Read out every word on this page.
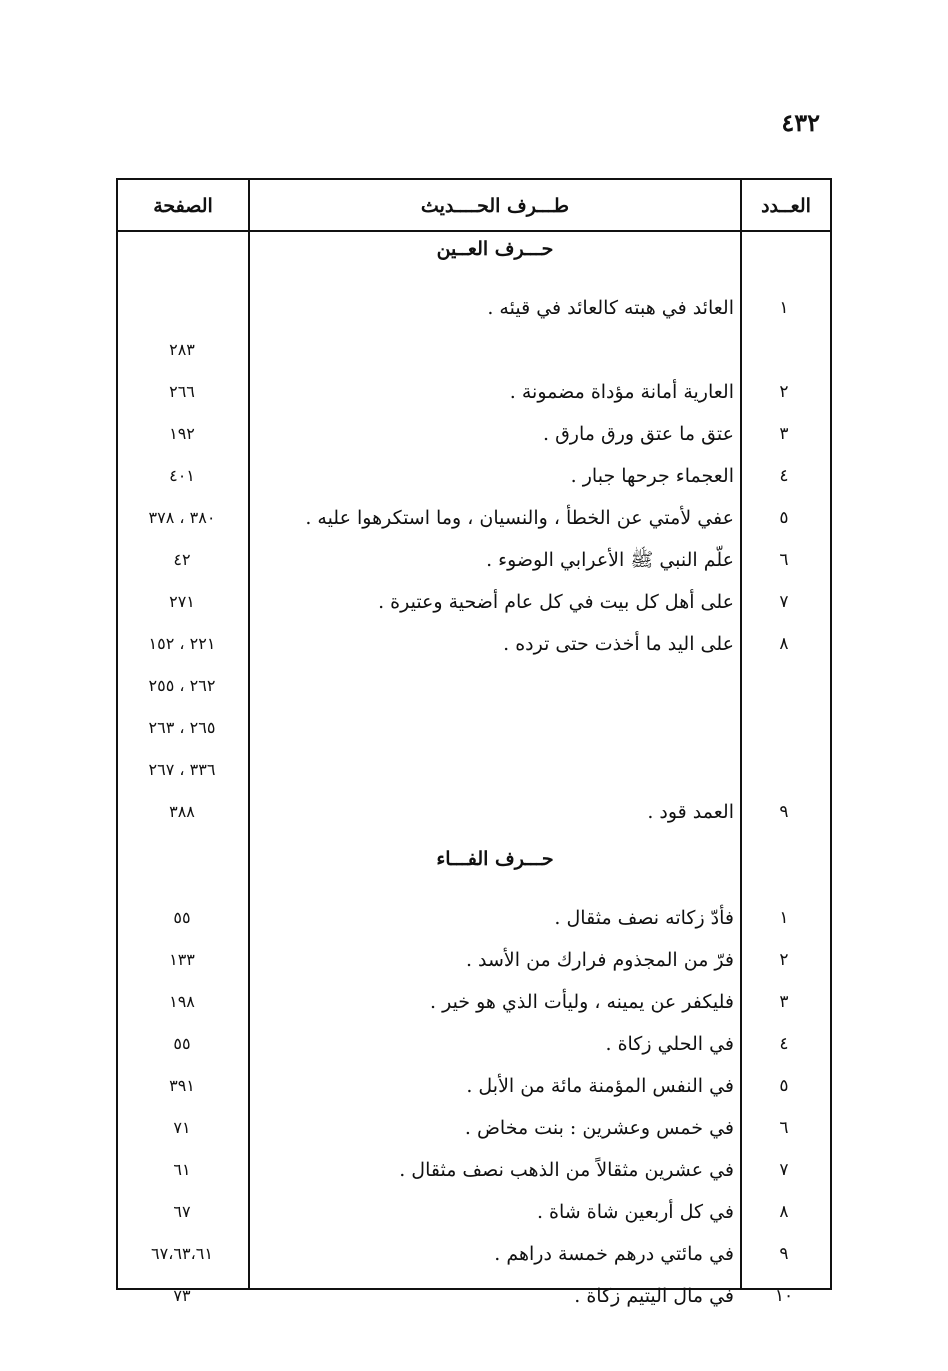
٤٣٢
الصفحة	طـــرف الحــــديث	العــدد
حـــرف العــين
١
العائد في هبته كالعائد في قيئه .
٢٨٣
٢
العارية أمانة مؤداة مضمونة .
٢٦٦
٣
عتق ما عتق ورق مارق .
١٩٢
٤
العجماء جرحها جبار .
٤٠١
٥
عفي لأمتي عن الخطأ ، والنسيان ، وما استكرهوا عليه .
٣٨٠ ، ٣٧٨
٦
علّم النبي ﷺ الأعرابي الوضوء .
٤٢
٧
على أهل كل بيت في كل عام أضحية وعتيرة .
٢٧١
٨
على اليد ما أخذت حتى ترده .
٢٢١ ، ١٥٢
٢٦٢ ، ٢٥٥
٢٦٥ ، ٢٦٣
٣٣٦ ، ٢٦٧
٩
العمد قود .
٣٨٨
حـــرف الفـــاء
١
فأدّ زكاته نصف مثقال .
٥٥
٢
فرّ من المجذوم فرارك من الأسد .
١٣٣
٣
فليكفر عن يمينه ، وليأت الذي هو خير .
١٩٨
٤
في الحلي زكاة .
٥٥
٥
في النفس المؤمنة مائة من الأبل .
٣٩١
٦
في خمس وعشرين : بنت مخاض .
٧١
٧
في عشرين مثقالاً من الذهب نصف مثقال .
٦١
٨
في كل أربعين شاة شاة .
٦٧
٩
في مائتي درهم خمسة دراهم .
٦٧،٦٣،٦١
١٠
في مال اليتيم زكاة .
٧٣
